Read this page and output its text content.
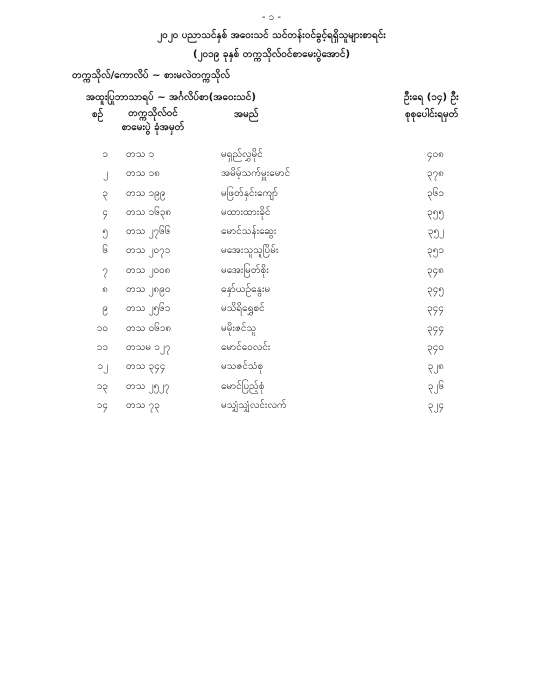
- ၁ -
၂၀၂၀ ပညာသင်နှစ် အဝေးသင် သင်တန်းဝင်ခွင့်ရရှိသူများစာရင်း
(၂၀၁၉ ခုနှစ် တက္ကသိုလ်ဝင်စာမေးပွဲအောင်)
တက္ကသိုလ်/ကောလိပ် ~ စားမလဲတက္ကသိုလ်
အထူးပြုဘာသာရပ် ~ အင်္ဂလိပ်စာ(အဝေးသင်)	ဦးရေ (၁၄) ဦး
စဉ်	တက္ကသိုလ်ဝင်စာမေးပွဲ ခုံအမှတ်
အမည်	စုစုပေါင်းရမှတ်
၁ တသ ၁	မရှည်လွှမိုင်	၄၀၈
၂ တသ ၁၈	အမိမ့်သက်မှူးမောင်	၃၇၈
၃ တသ ၁၉၉	မဖြတ်နှင်းကျော်	၃၆၁
၄ တသ ၁၆၃၈	မထားထားခိုင်	၃၅၅
၅ တသ ၂၇၆၆	မောင်သန်းဆွေး	၃၅၂
၆ တသ ၂၀၇၁	မအေးသူသူပြိမ်း	၃၅၁
၇ တသ ၂၀၀၈	မအေးမြတ်စိုး	၃၄၈
၈ တသ ၂၈၉၀	နှော်ယဉ်နွေးမ	၃၄၅
၉ တသ ၂၅၆၁	မသိရိရွှေစင်	၃၄၄
၁၀ တသ ၀၆၁၈	မမိုးဇင်သူ	၃၄၄
၁၁ တသမ ၁၂၇	မောင်ဝေလင်း	၃၄၀
၁၂ တသ ၃၄၄	မသဇင်သံစု	၃၂၈
၁၃ တသ ၂၅၂၇	မောင်ပြည့်စုံ	၃၂၆
၁၄ တသ ၇၃	မသျှံသျှံလင်းလက်	၃၂၄
